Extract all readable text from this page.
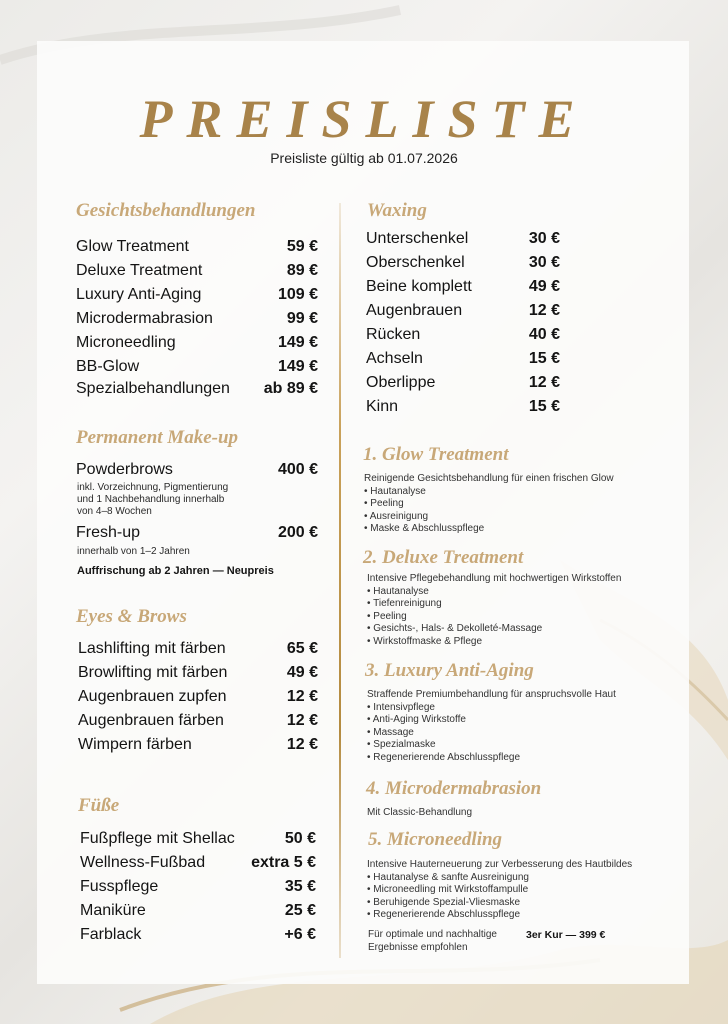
PREISLISTE
Preisliste gültig ab 01.07.2026
Gesichtsbehandlungen
Glow Treatment	59 €
Deluxe Treatment	89 €
Luxury Anti-Aging	109 €
Microdermabrasion	99 €
Microneedling	149 €
BB-Glow	149 €
Spezialbehandlungen ab 89 €
Permanent Make-up
Powderbrows	400 €
inkl. Vorzeichnung, Pigmentierung
und 1 Nachbehandlung innerhalb
von 4–8 Wochen
Fresh-up	200 €
innerhalb von 1–2 Jahren
Auffrischung ab 2 Jahren — Neupreis
Eyes & Brows
Lashlifting mit färben	65 €
Browlifting mit färben	49 €
Augenbrauen zupfen	12 €
Augenbrauen färben	12 €
Wimpern färben	12 €
Füße
Fußpflege mit Shellac	50 €
Wellness-Fußbad	extra 5 €
Fusspflege	35 €
Maniküre	25 €
Farblack	+6 €
Waxing
Unterschenkel	30 €
Oberschenkel	30 €
Beine komplett	49 €
Augenbrauen	12 €
Rücken	40 €
Achseln	15 €
Oberlippe	12 €
Kinn	15 €
1. Glow Treatment
Reinigende Gesichtsbehandlung für einen frischen Glow
• Hautanalyse
• Peeling
• Ausreinigung
• Maske & Abschlusspflege
2. Deluxe Treatment
Intensive Pflegebehandlung mit hochwertigen Wirkstoffen
• Hautanalyse
• Tiefenreinigung
• Peeling
• Gesichts-, Hals- & Dekolleté-Massage
• Wirkstoffmaske & Pflege
3. Luxury Anti-Aging
Straffende Premiumbehandlung für anspruchsvolle Haut
• Intensivpflege
• Anti-Aging Wirkstoffe
• Massage
• Spezialmaske
• Regenerierende Abschlusspflege
4. Microdermabrasion
Mit Classic-Behandlung
5. Microneedling
Intensive Hauterneuerung zur Verbesserung des Hautbildes
• Hautanalyse & sanfte Ausreinigung
• Microneedling mit Wirkstoffampulle
• Beruhigende Spezial-Vliesmaske
• Regenerierende Abschlusspflege
Für optimale und nachhaltige
Ergebnisse empfohlen
3er Kur — 399 €
